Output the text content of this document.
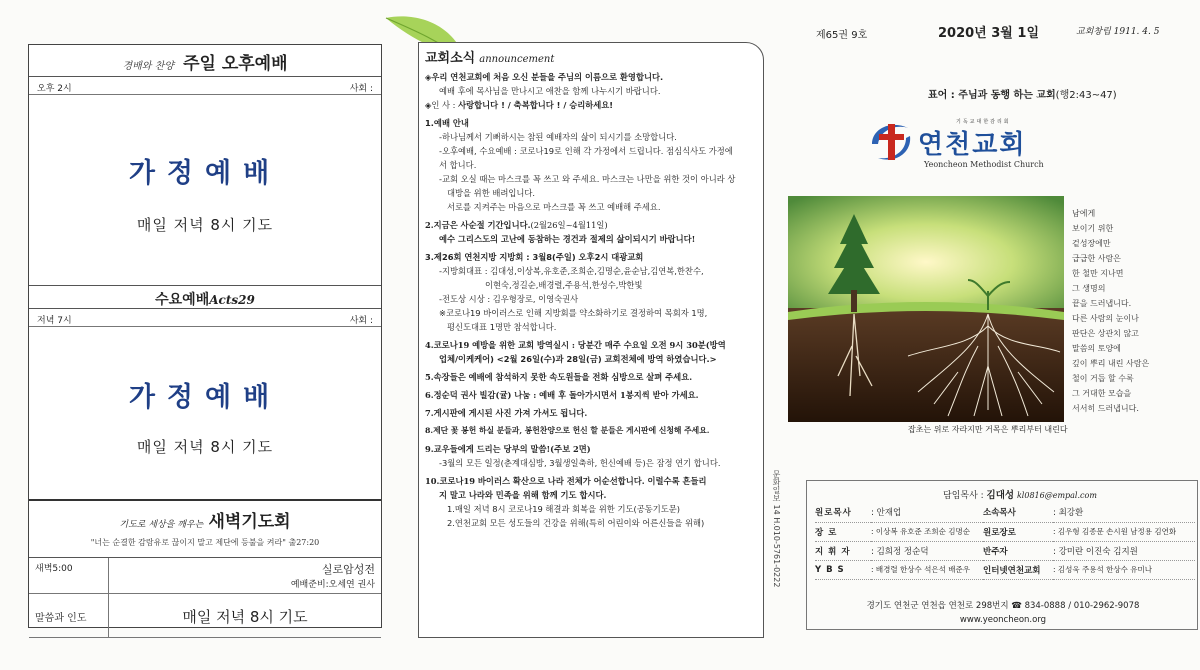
경배와 찬양 주일 오후예배
오후 2시	사회 :
가정예배
매일 저녁 8시 기도
수요예배Acts29
저녁 7시	사회 :
가정예배
매일 저녁 8시 기도
기도로 세상을 깨우는 새벽기도회
"너는 순결한 감람유로 끊이지 말고 제단에 등불을 켜라" 출27:20
새벽5:00	실로암성전
예배준비:오세연 권사
말씀과 인도	매일 저녁 8시 기도
교회소식 announcement
◈우리 연천교회에 처음 오신 분들을 주님의 이름으로 환영합니다.
예배 후에 목사님을 만나시고 애찬을 함께 나누시기 바랍니다.
◈인 사 : 사랑합니다 ! / 축복합니다 ! / 승리하세요!
1.예배 안내
-하나님께서 기뻐하시는 참된 예배자의 삶이 되시기를 소망합니다.
-오후예배, 수요예배 : 코로나19로 인해 각 가정에서 드립니다. 점심식사도 가정에
서 합니다.
-교회 오실 때는 마스크를 꼭 쓰고 와 주세요. 마스크는 나만을 위한 것이 아니라 상
대방을 위한 배려입니다.
서로를 지켜주는 마음으로 마스크를 꼭 쓰고 예배해 주세요.
2.지금은 사순절 기간입니다.(2월26일~4월11일)
예수 그리스도의 고난에 동참하는 경건과 절제의 삶이되시기 바랍니다!
3.제26회 연천지방 지방회 : 3월8(주일) 오후2시 대광교회
-지방회대표 : 김대성,이상복,유호준,조희순,김명순,윤순남,김연복,한찬수,
이현숙,정길순,배경렬,주용석,한성수,박한빛
-전도상 시상 : 김우형장로, 이영숙권사
※코로나19 바이러스로 인해 지방회를 약소화하기로 결정하여 목회자 1명,
평신도대표 1명만 참석합니다.
4.코로나19 예방을 위한 교회 방역실시 : 당분간 매주 수요일 오전 9시 30분(방역
업체/이케케어) <2월 26일(수)과 28일(금) 교회전체에 방역 하였습니다.>
5.속장들은 예배에 참석하지 못한 속도원들을 전화 심방으로 살펴 주세요.
6.정순덕 권사 빌감(귤) 나눔 : 예배 후 돌아가시면서 1봉지씩 받아 가세요.
7.게시판에 게시된 사진 가져 가셔도 됩니다.
8.제단 꽃 봉헌 하실 분들과, 봉헌찬양으로 헌신 할 분들은 게시판에 신청해 주세요.
9.교우들에게 드리는 당부의 말씀!(주보 2면)
-3월의 모든 일정(춘계대심방, 3월생일축하, 헌신예배 등)은 잠정 연기 합니다.
10.코로나19 바이러스 확산으로 나라 전체가 어순선합니다. 이럴수록 흔들리
지 말고 나라와 민족을 위해 함께 기도 합시다.
1.매일 저녁 8시 코로나19 해결과 회복을 위한 기도(공동기도문)
2.연천교회 모든 성도들의 건강을 위해(특히 어린이와 어른신들을 위해)	문화일보 14 H.010-5761-0222
제65권 9호	2020년 3월 1일	교회창립 1911. 4. 5
표어 : 주님과 동행 하는 교회(행2:43~47)
기독교대한감리회
연천교회
Yeoncheon Methodist Church
잡초는 위로 자라지만 거목은 뿌리부터 내린다
남에게
보이기 위한
겉성장에만
급급한 사람은
한 철만 지나면
그 생명의
끝을 드러냅니다.
다른 사람의 눈이나
판단은 상관치 않고
말씀의 토양에
깊이 뿌리 내린 사람은
철이 거듭 할 수록
그 거대한 모습을
서서히 드러냅니다.
담임목사 : 김대성 kl0816@empal.com
원로목사	: 안재업	소속목사	: 최강환
장 로	: 이상복 유호준 조희순 김명순	원로장로	: 김우형 김종문 손시원 남정용 김연화
지 휘 자	: 김희정 정순덕	반주자	: 강미란 이진숙 김지원
Y B S	: 배경렬 한상수 석은석 배준우	인터넷연천교회	: 김성욱 주용석 한상수 유미나
경기도 연천군 연천읍 연천로 298번지 ☎ 834-0888 / 010-2962-9078
www.yeoncheon.org
